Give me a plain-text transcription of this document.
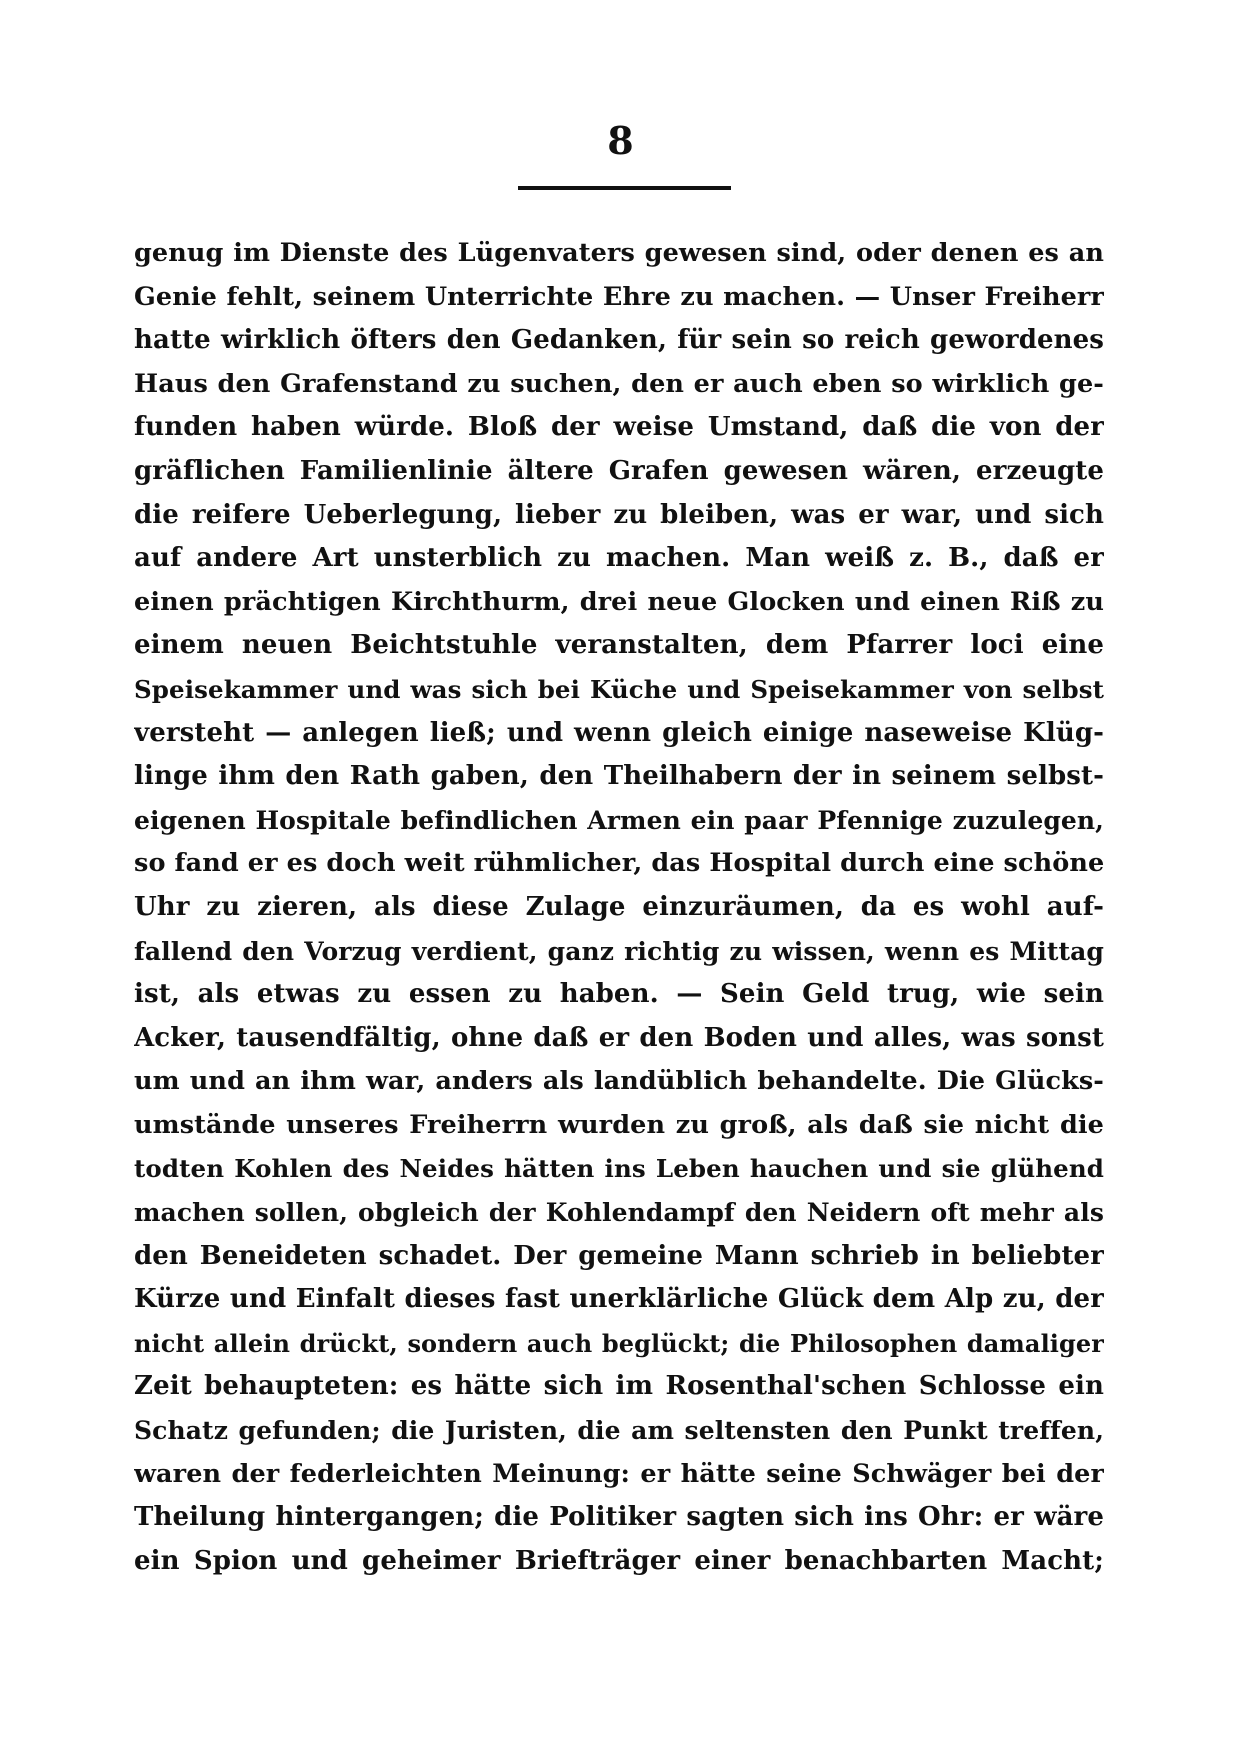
8
genug im Dienste des Lügenvaters gewesen sind, oder denen es an
Genie fehlt, seinem Unterrichte Ehre zu machen. — Unser Freiherr
hatte wirklich öfters den Gedanken, für sein so reich gewordenes
Haus den Grafenstand zu suchen, den er auch eben so wirklich ge-
funden haben würde. Bloß der weise Umstand, daß die von der
gräflichen Familienlinie ältere Grafen gewesen wären, erzeugte
die reifere Ueberlegung, lieber zu bleiben, was er war, und sich
auf andere Art unsterblich zu machen. Man weiß z. B., daß er
einen prächtigen Kirchthurm, drei neue Glocken und einen Riß zu
einem neuen Beichtstuhle veranstalten, dem Pfarrer loci eine
Speisekammer und was sich bei Küche und Speisekammer von selbst
versteht — anlegen ließ; und wenn gleich einige naseweise Klüg-
linge ihm den Rath gaben, den Theilhabern der in seinem selbst-
eigenen Hospitale befindlichen Armen ein paar Pfennige zuzulegen,
so fand er es doch weit rühmlicher, das Hospital durch eine schöne
Uhr zu zieren, als diese Zulage einzuräumen, da es wohl auf-
fallend den Vorzug verdient, ganz richtig zu wissen, wenn es Mittag
ist, als etwas zu essen zu haben. — Sein Geld trug, wie sein
Acker, tausendfältig, ohne daß er den Boden und alles, was sonst
um und an ihm war, anders als landüblich behandelte. Die Glücks-
umstände unseres Freiherrn wurden zu groß, als daß sie nicht die
todten Kohlen des Neides hätten ins Leben hauchen und sie glühend
machen sollen, obgleich der Kohlendampf den Neidern oft mehr als
den Beneideten schadet. Der gemeine Mann schrieb in beliebter
Kürze und Einfalt dieses fast unerklärliche Glück dem Alp zu, der
nicht allein drückt, sondern auch beglückt; die Philosophen damaliger
Zeit behaupteten: es hätte sich im Rosenthal'schen Schlosse ein
Schatz gefunden; die Juristen, die am seltensten den Punkt treffen,
waren der federleichten Meinung: er hätte seine Schwäger bei der
Theilung hintergangen; die Politiker sagten sich ins Ohr: er wäre
ein Spion und geheimer Briefträger einer benachbarten Macht;
